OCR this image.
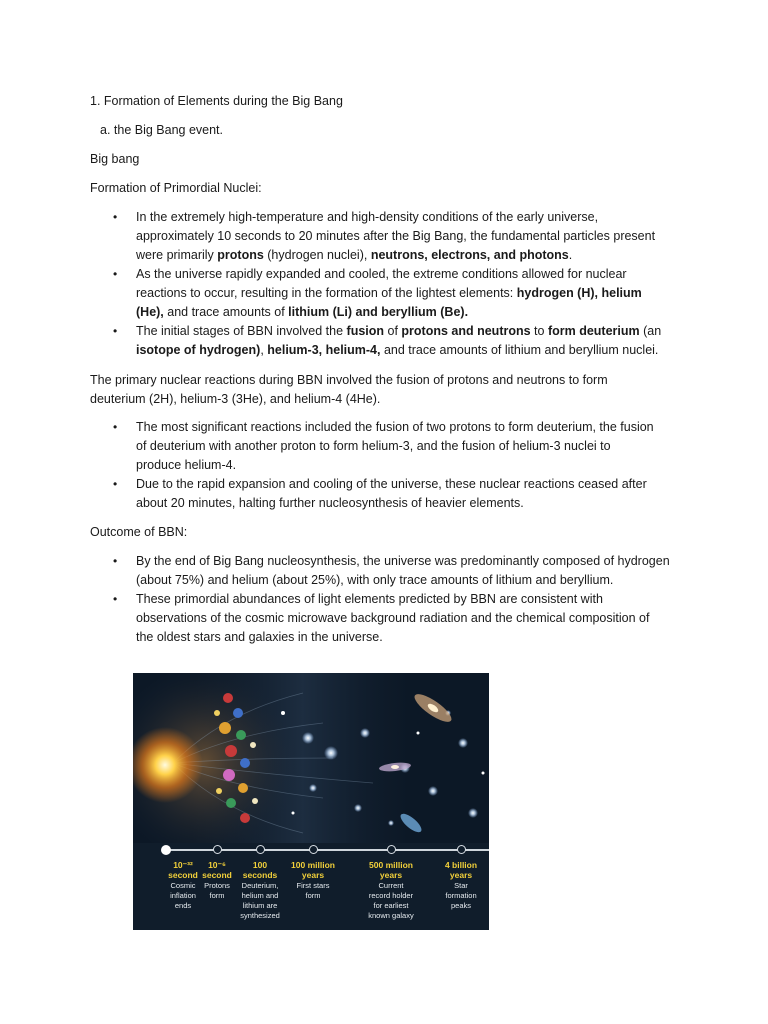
1. Formation of Elements during the Big Bang
a. the Big Bang event.
Big bang
Formation of Primordial Nuclei:
• In the extremely high-temperature and high-density conditions of the early universe,
approximately 10 seconds to 20 minutes after the Big Bang, the fundamental particles present
were primarily protons (hydrogen nuclei), neutrons, electrons, and photons.
• As the universe rapidly expanded and cooled, the extreme conditions allowed for nuclear
reactions to occur, resulting in the formation of the lightest elements: hydrogen (H), helium
(He), and trace amounts of lithium (Li) and beryllium (Be).
• The initial stages of BBN involved the fusion of protons and neutrons to form deuterium (an
isotope of hydrogen), helium-3, helium-4, and trace amounts of lithium and beryllium nuclei.
The primary nuclear reactions during BBN involved the fusion of protons and neutrons to form
deuterium (2H), helium-3 (3He), and helium-4 (4He).
• The most significant reactions included the fusion of two protons to form deuterium, the fusion
of deuterium with another proton to form helium-3, and the fusion of helium-3 nuclei to
produce helium-4.
• Due to the rapid expansion and cooling of the universe, these nuclear reactions ceased after
about 20 minutes, halting further nucleosynthesis of heavier elements.
Outcome of BBN:
• By the end of Big Bang nucleosynthesis, the universe was predominantly composed of hydrogen
(about 75%) and helium (about 25%), with only trace amounts of lithium and beryllium.
• These primordial abundances of light elements predicted by BBN are consistent with
observations of the cosmic microwave background radiation and the chemical composition of
the oldest stars and galaxies in the universe.
10⁻³²
second
Cosmic
inflation
ends
10⁻⁶
second
Protons
form
100
seconds
Deuterium,
helium and
lithium are
synthesized
100 million
years
First stars
form
500 million
years
Current
record holder
for earliest
known galaxy
4 billion
years
Star
formation
peaks
